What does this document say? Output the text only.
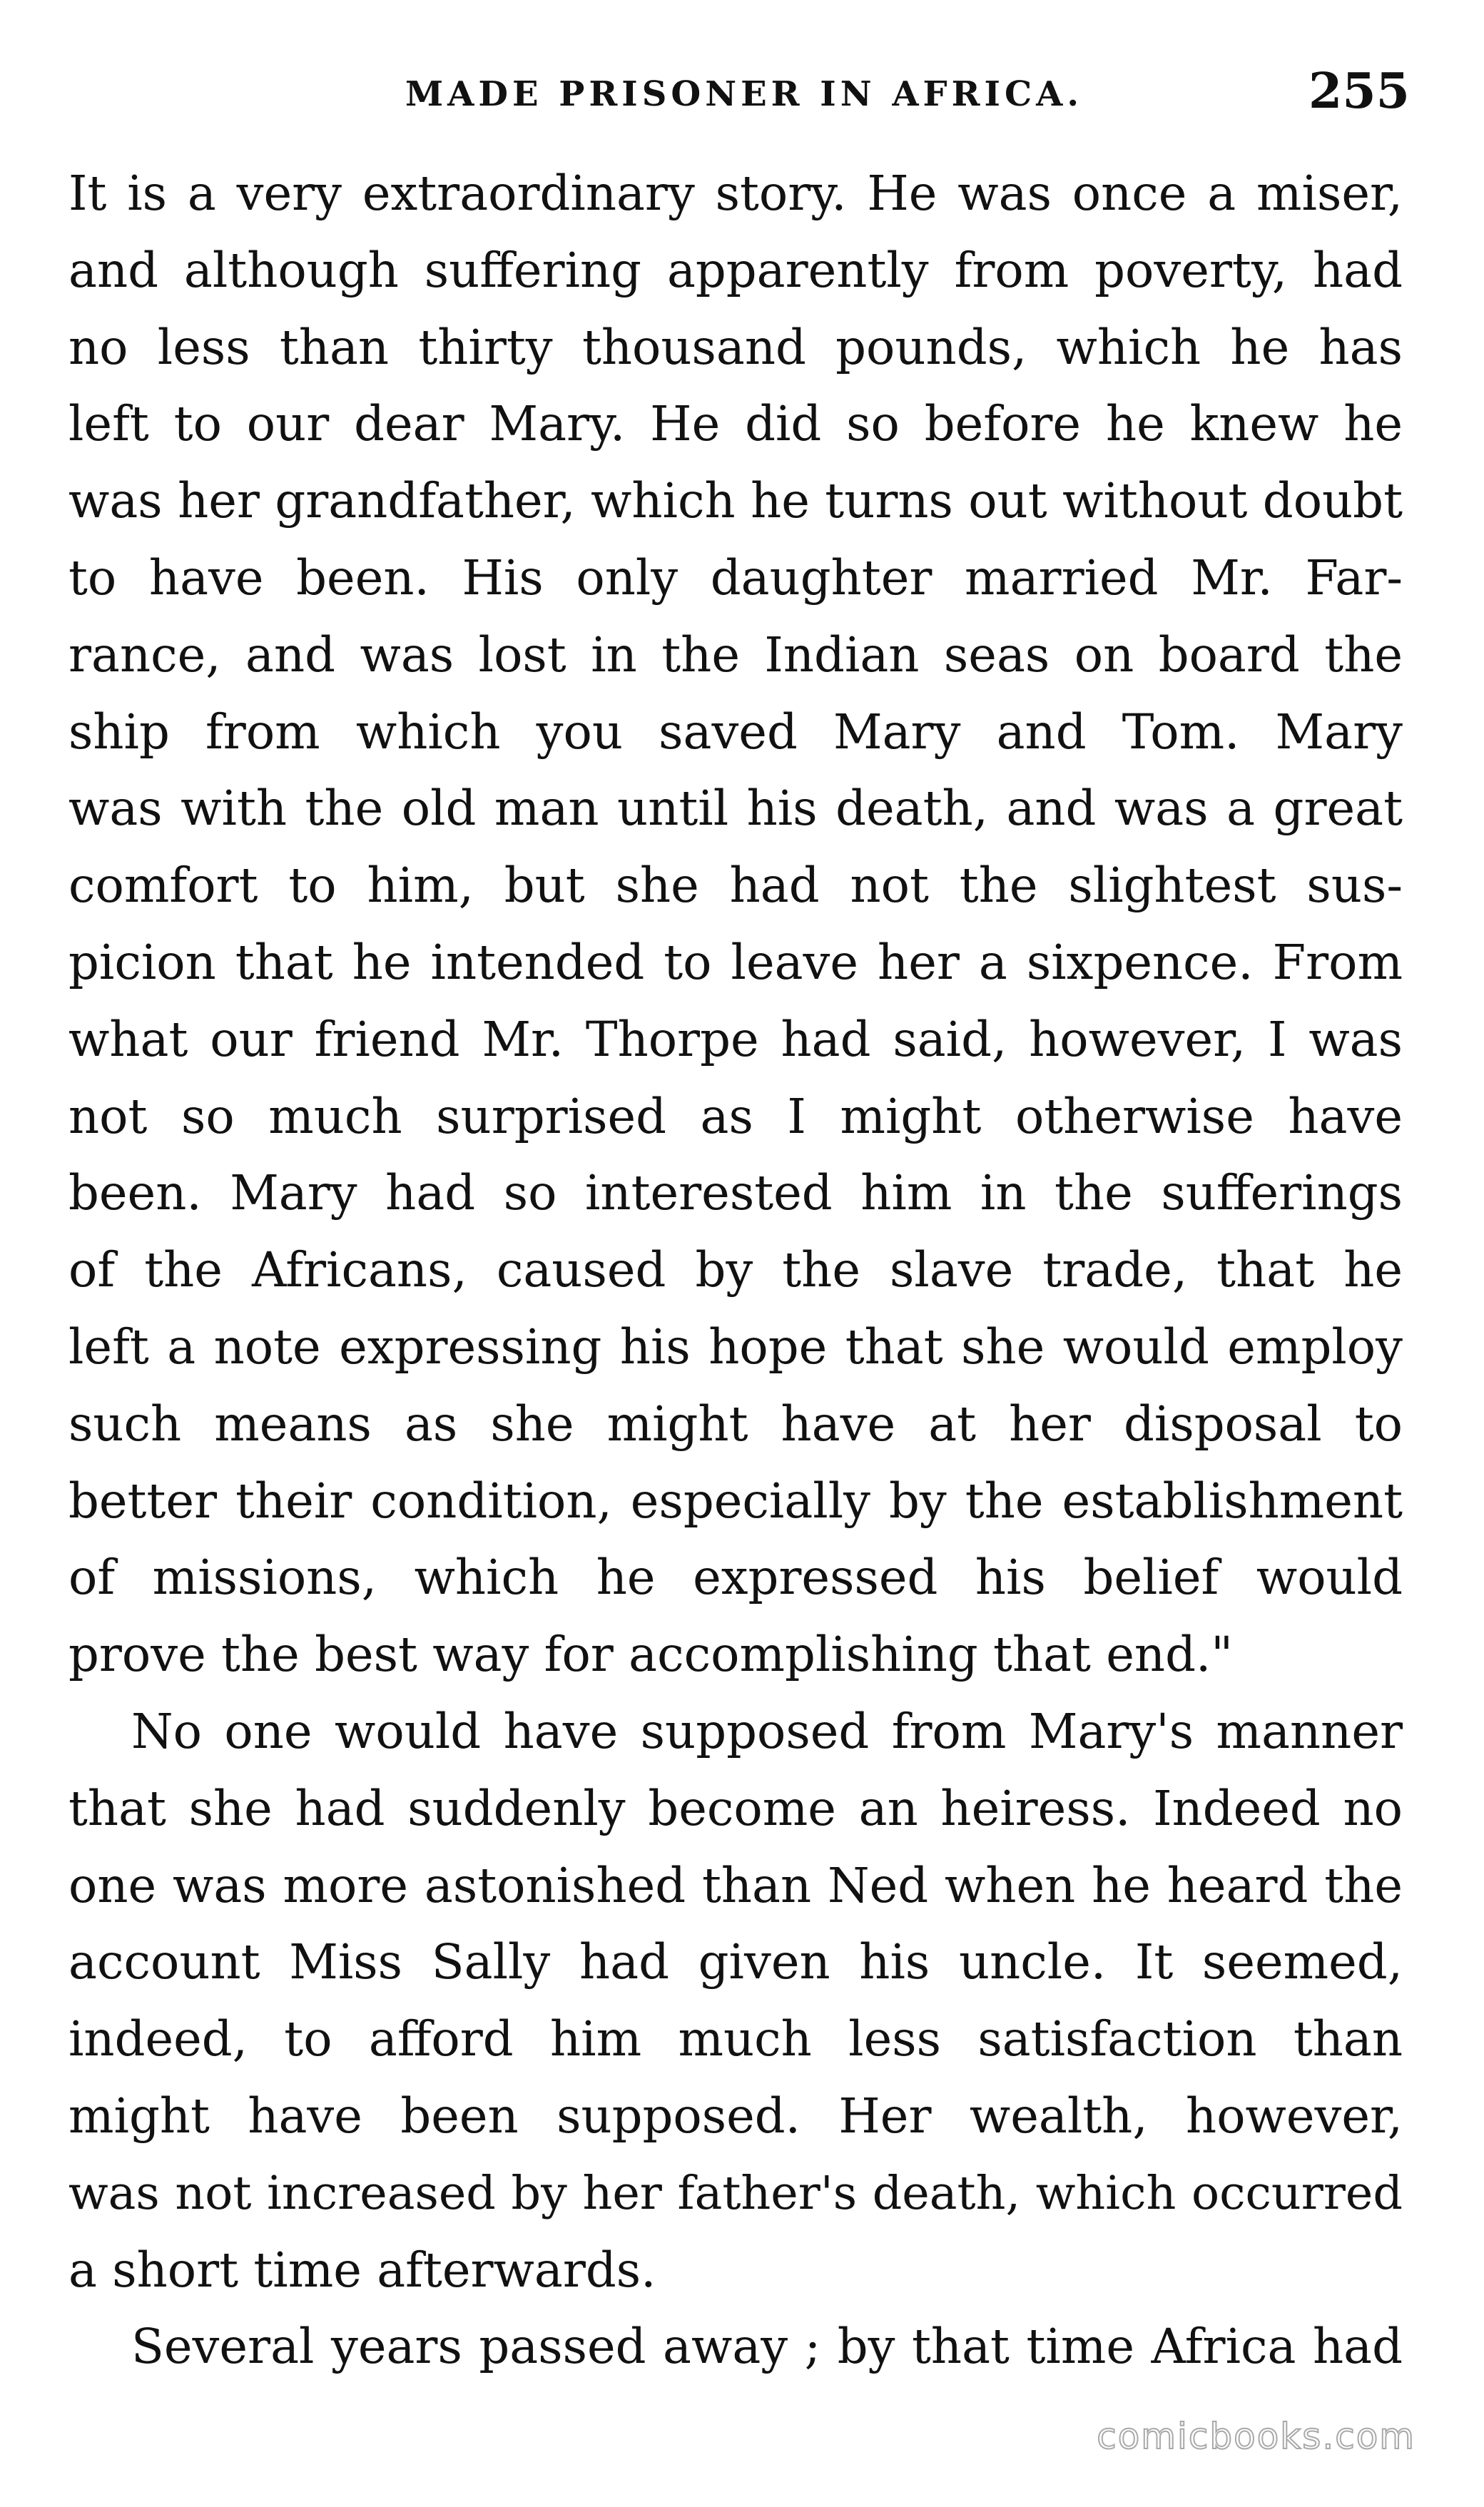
MADE PRISONER IN AFRICA.	255
It is a very extraordinary story. He was once a miser,
and although suffering apparently from poverty, had
no less than thirty thousand pounds, which he has
left to our dear Mary. He did so before he knew he
was her grandfather, which he turns out without doubt
to have been. His only daughter married Mr. Far-
rance, and was lost in the Indian seas on board the
ship from which you saved Mary and Tom. Mary
was with the old man until his death, and was a great
comfort to him, but she had not the slightest sus-
picion that he intended to leave her a sixpence. From
what our friend Mr. Thorpe had said, however, I was
not so much surprised as I might otherwise have
been. Mary had so interested him in the sufferings
of the Africans, caused by the slave trade, that he
left a note expressing his hope that she would employ
such means as she might have at her disposal to
better their condition, especially by the establishment
of missions, which he expressed his belief would
prove the best way for accomplishing that end."
No one would have supposed from Mary's manner
that she had suddenly become an heiress. Indeed no
one was more astonished than Ned when he heard the
account Miss Sally had given his uncle. It seemed,
indeed, to afford him much less satisfaction than
might have been supposed. Her wealth, however,
was not increased by her father's death, which occurred
a short time afterwards.
Several years passed away ; by that time Africa had
comicbooks.com
